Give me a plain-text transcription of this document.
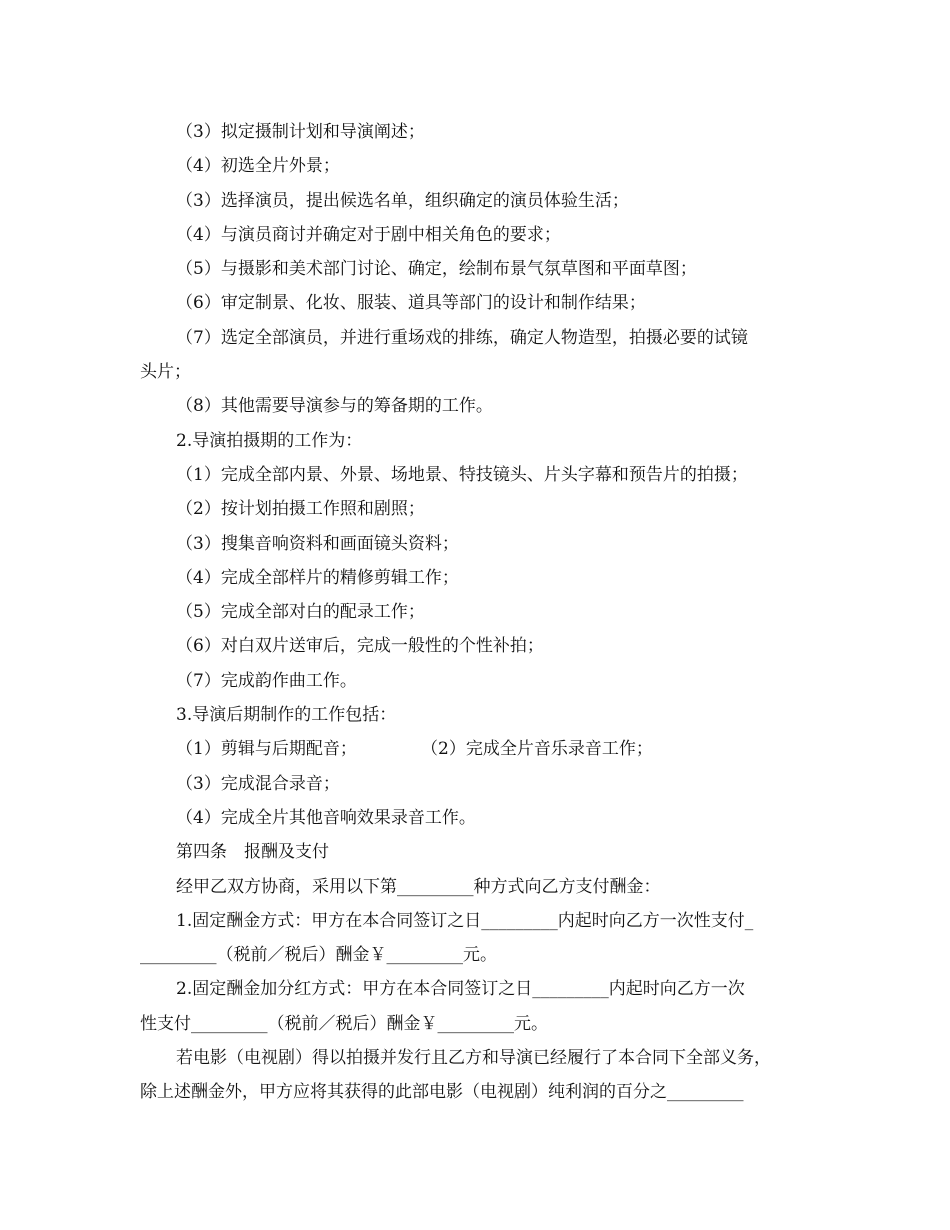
（3）拟定摄制计划和导演阐述；

（4）初选全片外景；

（3）选择演员，提出候选名单，组织确定的演员体验生活；

（4）与演员商讨并确定对于剧中相关角色的要求；

（5）与摄影和美术部门讨论、确定，绘制布景气氛草图和平面草图；

（6）审定制景、化妆、服装、道具等部门的设计和制作结果；

（7）选定全部演员，并进行重场戏的排练，确定人物造型，拍摄必要的试镜

头片；

（8）其他需要导演参与的筹备期的工作。

2.导演拍摄期的工作为：

（1）完成全部内景、外景、场地景、特技镜头、片头字幕和预告片的拍摄；

（2）按计划拍摄工作照和剧照；

（3）搜集音响资料和画面镜头资料；

（4）完成全部样片的精修剪辑工作；

（5）完成全部对白的配录工作；

（6）对白双片送审后，完成一般性的个性补拍；

（7）完成韵作曲工作。

3.导演后期制作的工作包括：

（1）剪辑与后期配音；	（2）完成全片音乐录音工作；

（3）完成混合录音；

（4）完成全片其他音响效果录音工作。

第四条　报酬及支付

经甲乙双方协商，采用以下第_________种方式向乙方支付酬金：

1.固定酬金方式：甲方在本合同签订之日_________内起时向乙方一次性支付_

_________（税前／税后）酬金￥_________元。

2.固定酬金加分红方式：甲方在本合同签订之日_________内起时向乙方一次

性支付_________（税前／税后）酬金￥_________元。

若电影（电视剧）得以拍摄并发行且乙方和导演已经履行了本合同下全部义务，

除上述酬金外，甲方应将其获得的此部电影（电视剧）纯利润的百分之_________
